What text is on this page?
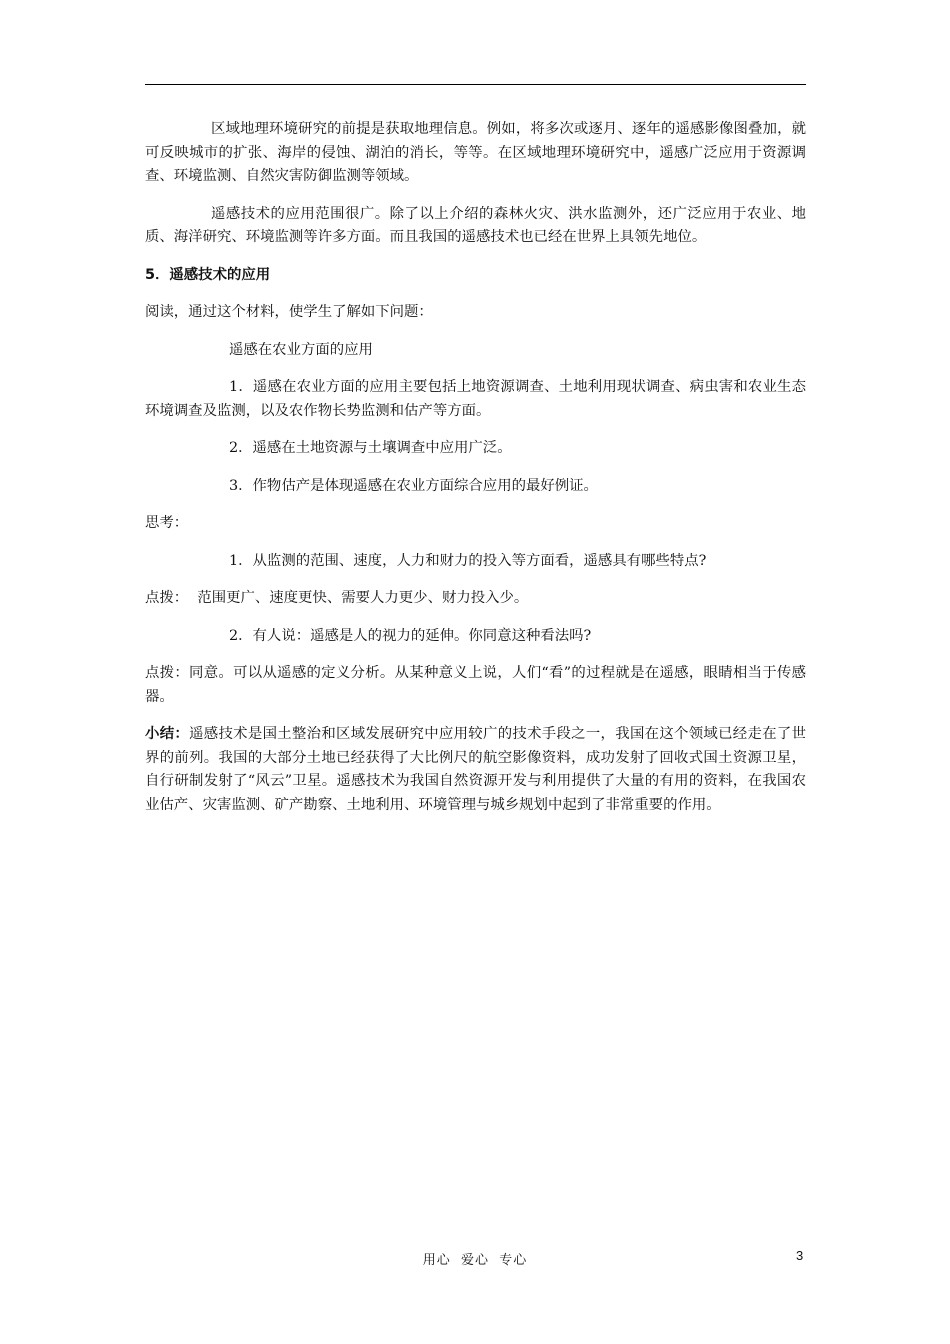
区域地理环境研究的前提是获取地理信息。例如，将多次或逐月、逐年的遥感影像图叠加，就可反映城市的扩张、海岸的侵蚀、湖泊的消长，等等。在区域地理环境研究中，遥感广泛应用于资源调查、环境监测、自然灾害防御监测等领域。

遥感技术的应用范围很广。除了以上介绍的森林火灾、洪水监测外，还广泛应用于农业、地质、海洋研究、环境监测等许多方面。而且我国的遥感技术也已经在世界上具领先地位。

5．遥感技术的应用

阅读，通过这个材料，使学生了解如下问题：

遥感在农业方面的应用

1．遥感在农业方面的应用主要包括上地资源调查、土地利用现状调查、病虫害和农业生态环境调查及监测，以及农作物长势监测和估产等方面。

2．遥感在土地资源与土壤调查中应用广泛。

3．作物估产是体现遥感在农业方面综合应用的最好例证。

思考：

1．从监测的范围、速度，人力和财力的投入等方面看，遥感具有哪些特点?

点拨：  范围更广、速度更快、需要人力更少、财力投入少。

2．有人说：遥感是人的视力的延伸。你同意这种看法吗?

点拨：同意。可以从遥感的定义分析。从某种意义上说，人们“看”的过程就是在遥感，眼睛相当于传感器。

小结：遥感技术是国土整治和区域发展研究中应用较广的技术手段之一，我国在这个领域已经走在了世界的前列。我国的大部分土地已经获得了大比例尺的航空影像资料，成功发射了回收式国土资源卫星，自行研制发射了“风云”卫星。遥感技术为我国自然资源开发与利用提供了大量的有用的资料，在我国农业估产、灾害监测、矿产勘察、土地利用、环境管理与城乡规划中起到了非常重要的作用。

用心  爱心  专心	3
